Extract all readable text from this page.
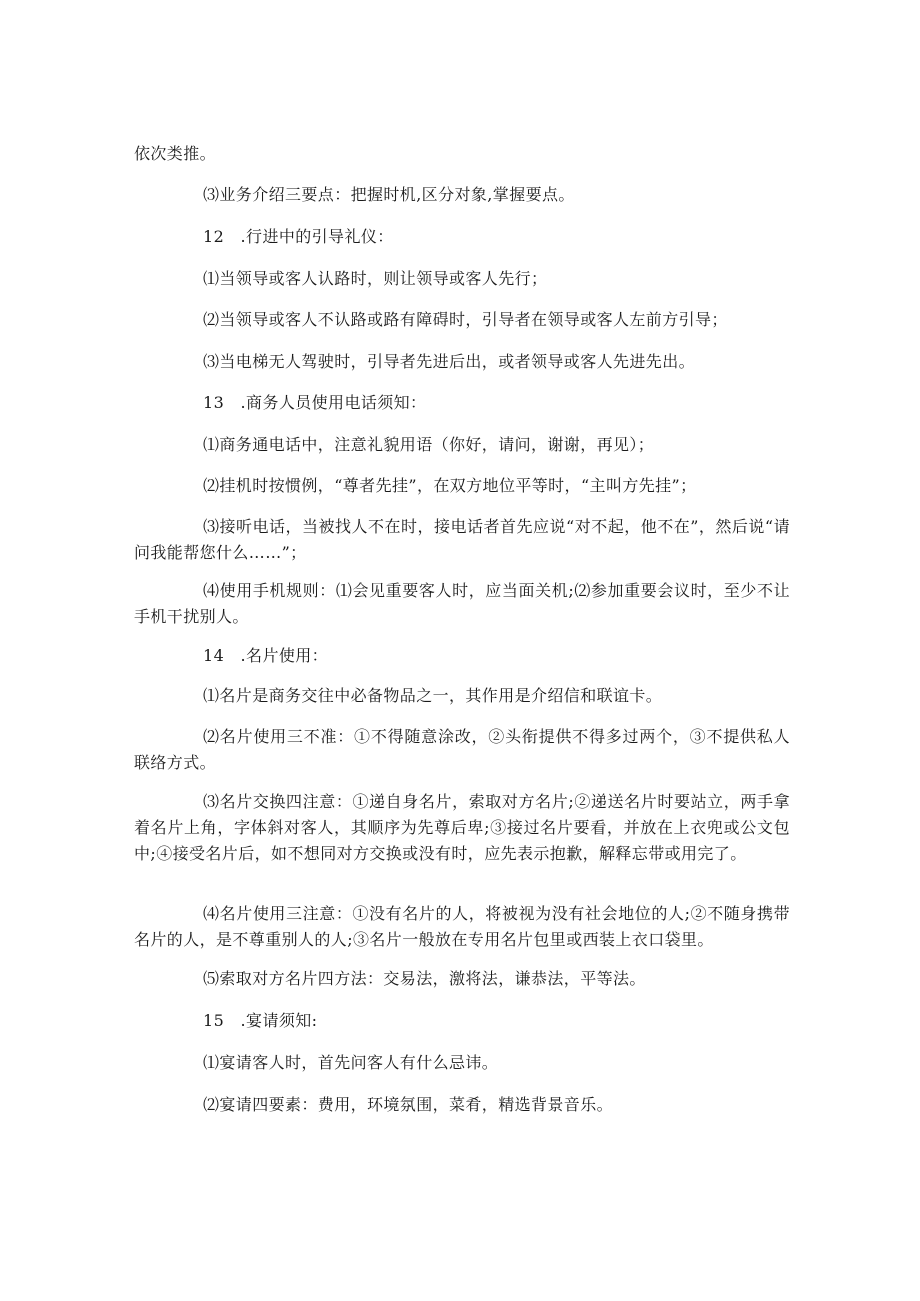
依次类推。
⑶业务介绍三要点：把握时机,区分对象,掌握要点。
12　.行进中的引导礼仪：
⑴当领导或客人认路时，则让领导或客人先行；
⑵当领导或客人不认路或路有障碍时，引导者在领导或客人左前方引导；
⑶当电梯无人驾驶时，引导者先进后出，或者领导或客人先进先出。
13　.商务人员使用电话须知：
⑴商务通电话中，注意礼貌用语（你好，请问，谢谢，再见）；
⑵挂机时按惯例，“尊者先挂”，在双方地位平等时，“主叫方先挂”；
⑶接听电话，当被找人不在时，接电话者首先应说“对不起，他不在”，然后说“请问我能帮您什么……”；
⑷使用手机规则：⑴会见重要客人时，应当面关机;⑵参加重要会议时，至少不让手机干扰别人。
14　.名片使用：
⑴名片是商务交往中必备物品之一，其作用是介绍信和联谊卡。
⑵名片使用三不准：①不得随意涂改，②头衔提供不得多过两个，③不提供私人联络方式。
⑶名片交换四注意：①递自身名片，索取对方名片;②递送名片时要站立，两手拿着名片上角，字体斜对客人，其顺序为先尊后卑;③接过名片要看，并放在上衣兜或公文包中;④接受名片后，如不想同对方交换或没有时，应先表示抱歉，解释忘带或用完了。
⑷名片使用三注意：①没有名片的人，将被视为没有社会地位的人;②不随身携带名片的人，是不尊重别人的人;③名片一般放在专用名片包里或西装上衣口袋里。
⑸索取对方名片四方法：交易法，激将法，谦恭法，平等法。
15　.宴请须知:
⑴宴请客人时，首先问客人有什么忌讳。
⑵宴请四要素：费用，环境氛围，菜肴，精选背景音乐。
